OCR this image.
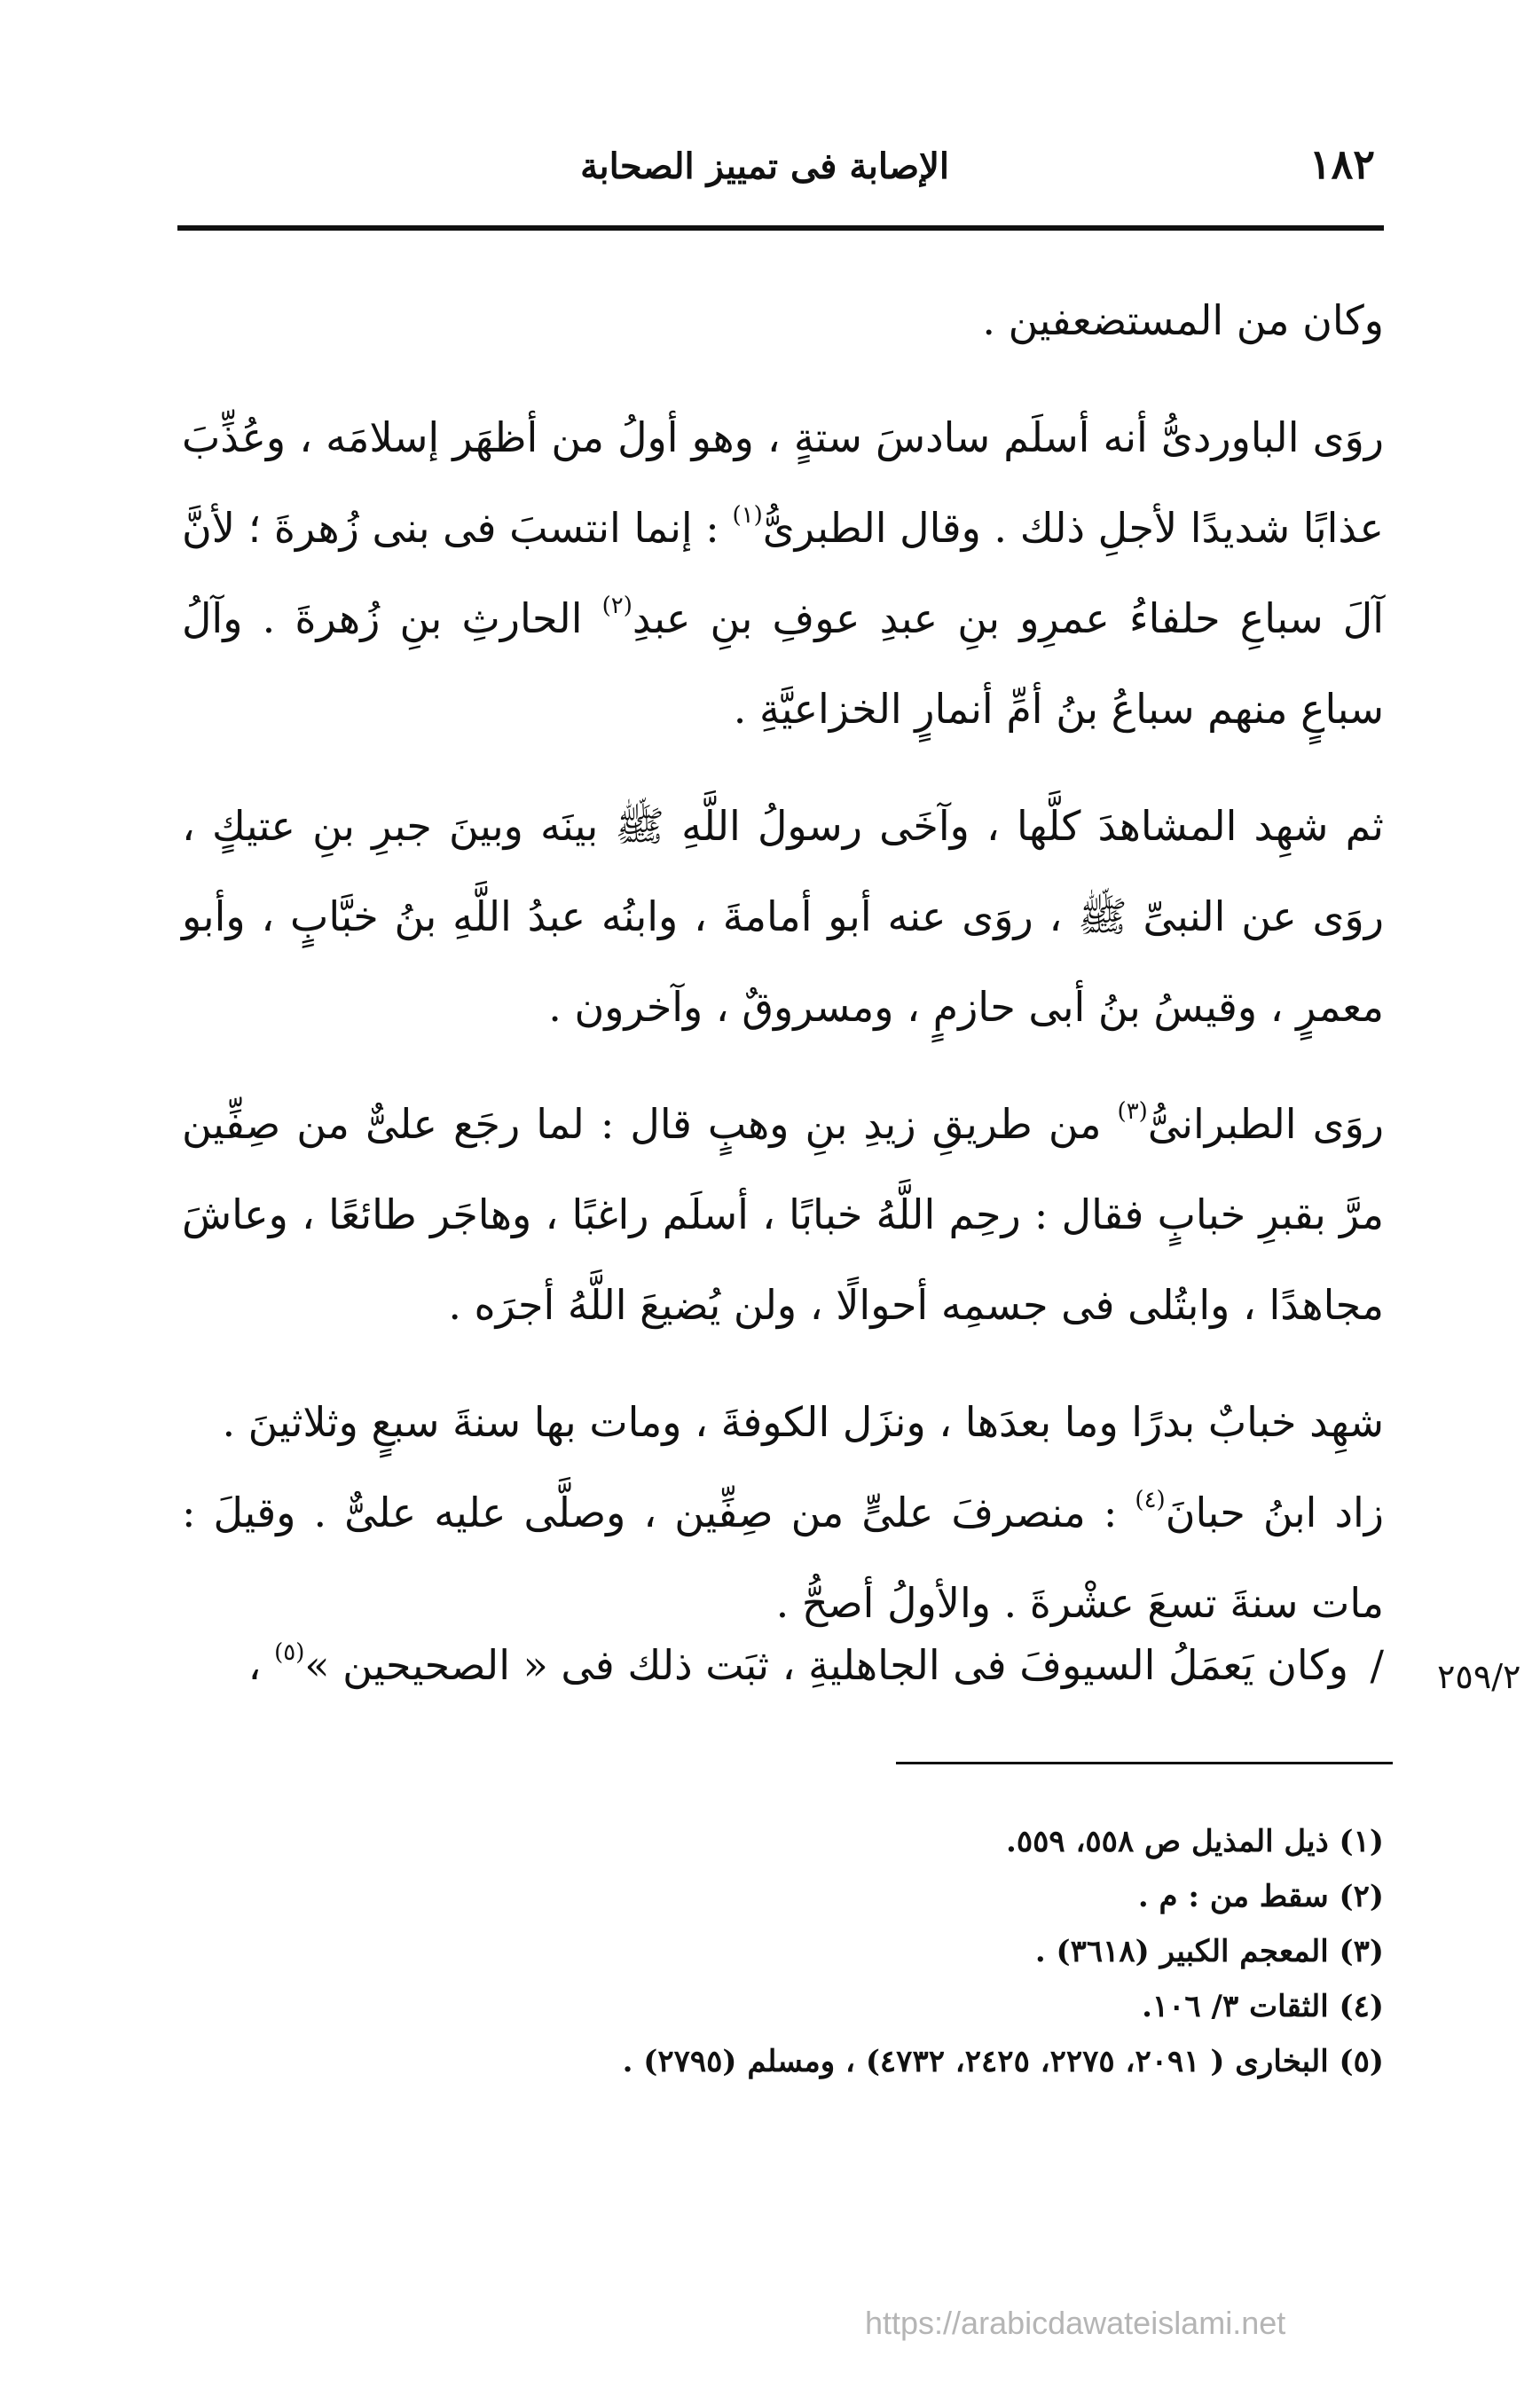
١٨٢
الإصابة فى تمييز الصحابة

وكان من المستضعفين .

روَى الباوردىُّ أنه أسلَم سادسَ ستةٍ ، وهو أولُ من أظهَر إسلامَه ، وعُذِّبَ عذابًا شديدًا لأجلِ ذلك . وقال الطبرىُّ$^{(١)}$ : إنما انتسبَ فى بنى زُهرةَ ؛ لأنَّ آلَ سباعِ حلفاءُ عمرِو بنِ عبدِ عوفِ بنِ عبدِ$^{(٢)}$ الحارثِ بنِ زُهرةَ . وآلُ سباعٍ منهم سباعُ بنُ أمِّ أنمارٍ الخزاعيَّةِ .

ثم شهِد المشاهدَ كلَّها ، وآخَى رسولُ اللَّهِ ﷺ بينَه وبينَ جبرِ بنِ عتيكٍ ، روَى عن النبىِّ ﷺ ، روَى عنه أبو أمامةَ ، وابنُه عبدُ اللَّهِ بنُ خبَّابٍ ، وأبو معمرٍ ، وقيسُ بنُ أبى حازمٍ ، ومسروقٌ ، وآخرون .

روَى الطبرانىُّ$^{(٣)}$ من طريقِ زيدِ بنِ وهبٍ قال : لما رجَع علىٌّ من صِفِّين مرَّ بقبرِ خبابٍ فقال : رحِم اللَّهُ خبابًا ، أسلَم راغبًا ، وهاجَر طائعًا ، وعاشَ مجاهدًا ، وابتُلى فى جسمِه أحوالًا ، ولن يُضيعَ اللَّهُ أجرَه .

شهِد خبابٌ بدرًا وما بعدَها ، ونزَل الكوفةَ ، ومات بها سنةَ سبعٍ وثلاثينَ .

زاد ابنُ حبانَ$^{(٤)}$ : منصرفَ علىٍّ من صِفِّين ، وصلَّى عليه علىٌّ . وقيلَ : مات سنةَ تسعَ عشْرةَ . والأولُ أصحُّ .

/
وكان يَعمَلُ السيوفَ فى الجاهليةِ ، ثبَت ذلك فى « الصحيحين »$^{(٥)}$ ،	٢٥٩/٢

(١) ذيل المذيل ص ٥٥٨، ٥٥٩.

(٢) سقط من : م .

(٣) المعجم الكبير (٣٦١٨) .

(٤) الثقات ٣/ ١٠٦.

(٥) البخارى ( ٢٠٩١، ٢٢٧٥، ٢٤٢٥، ٤٧٣٢) ، ومسلم (٢٧٩٥) .

https://arabicdawateislami.net
